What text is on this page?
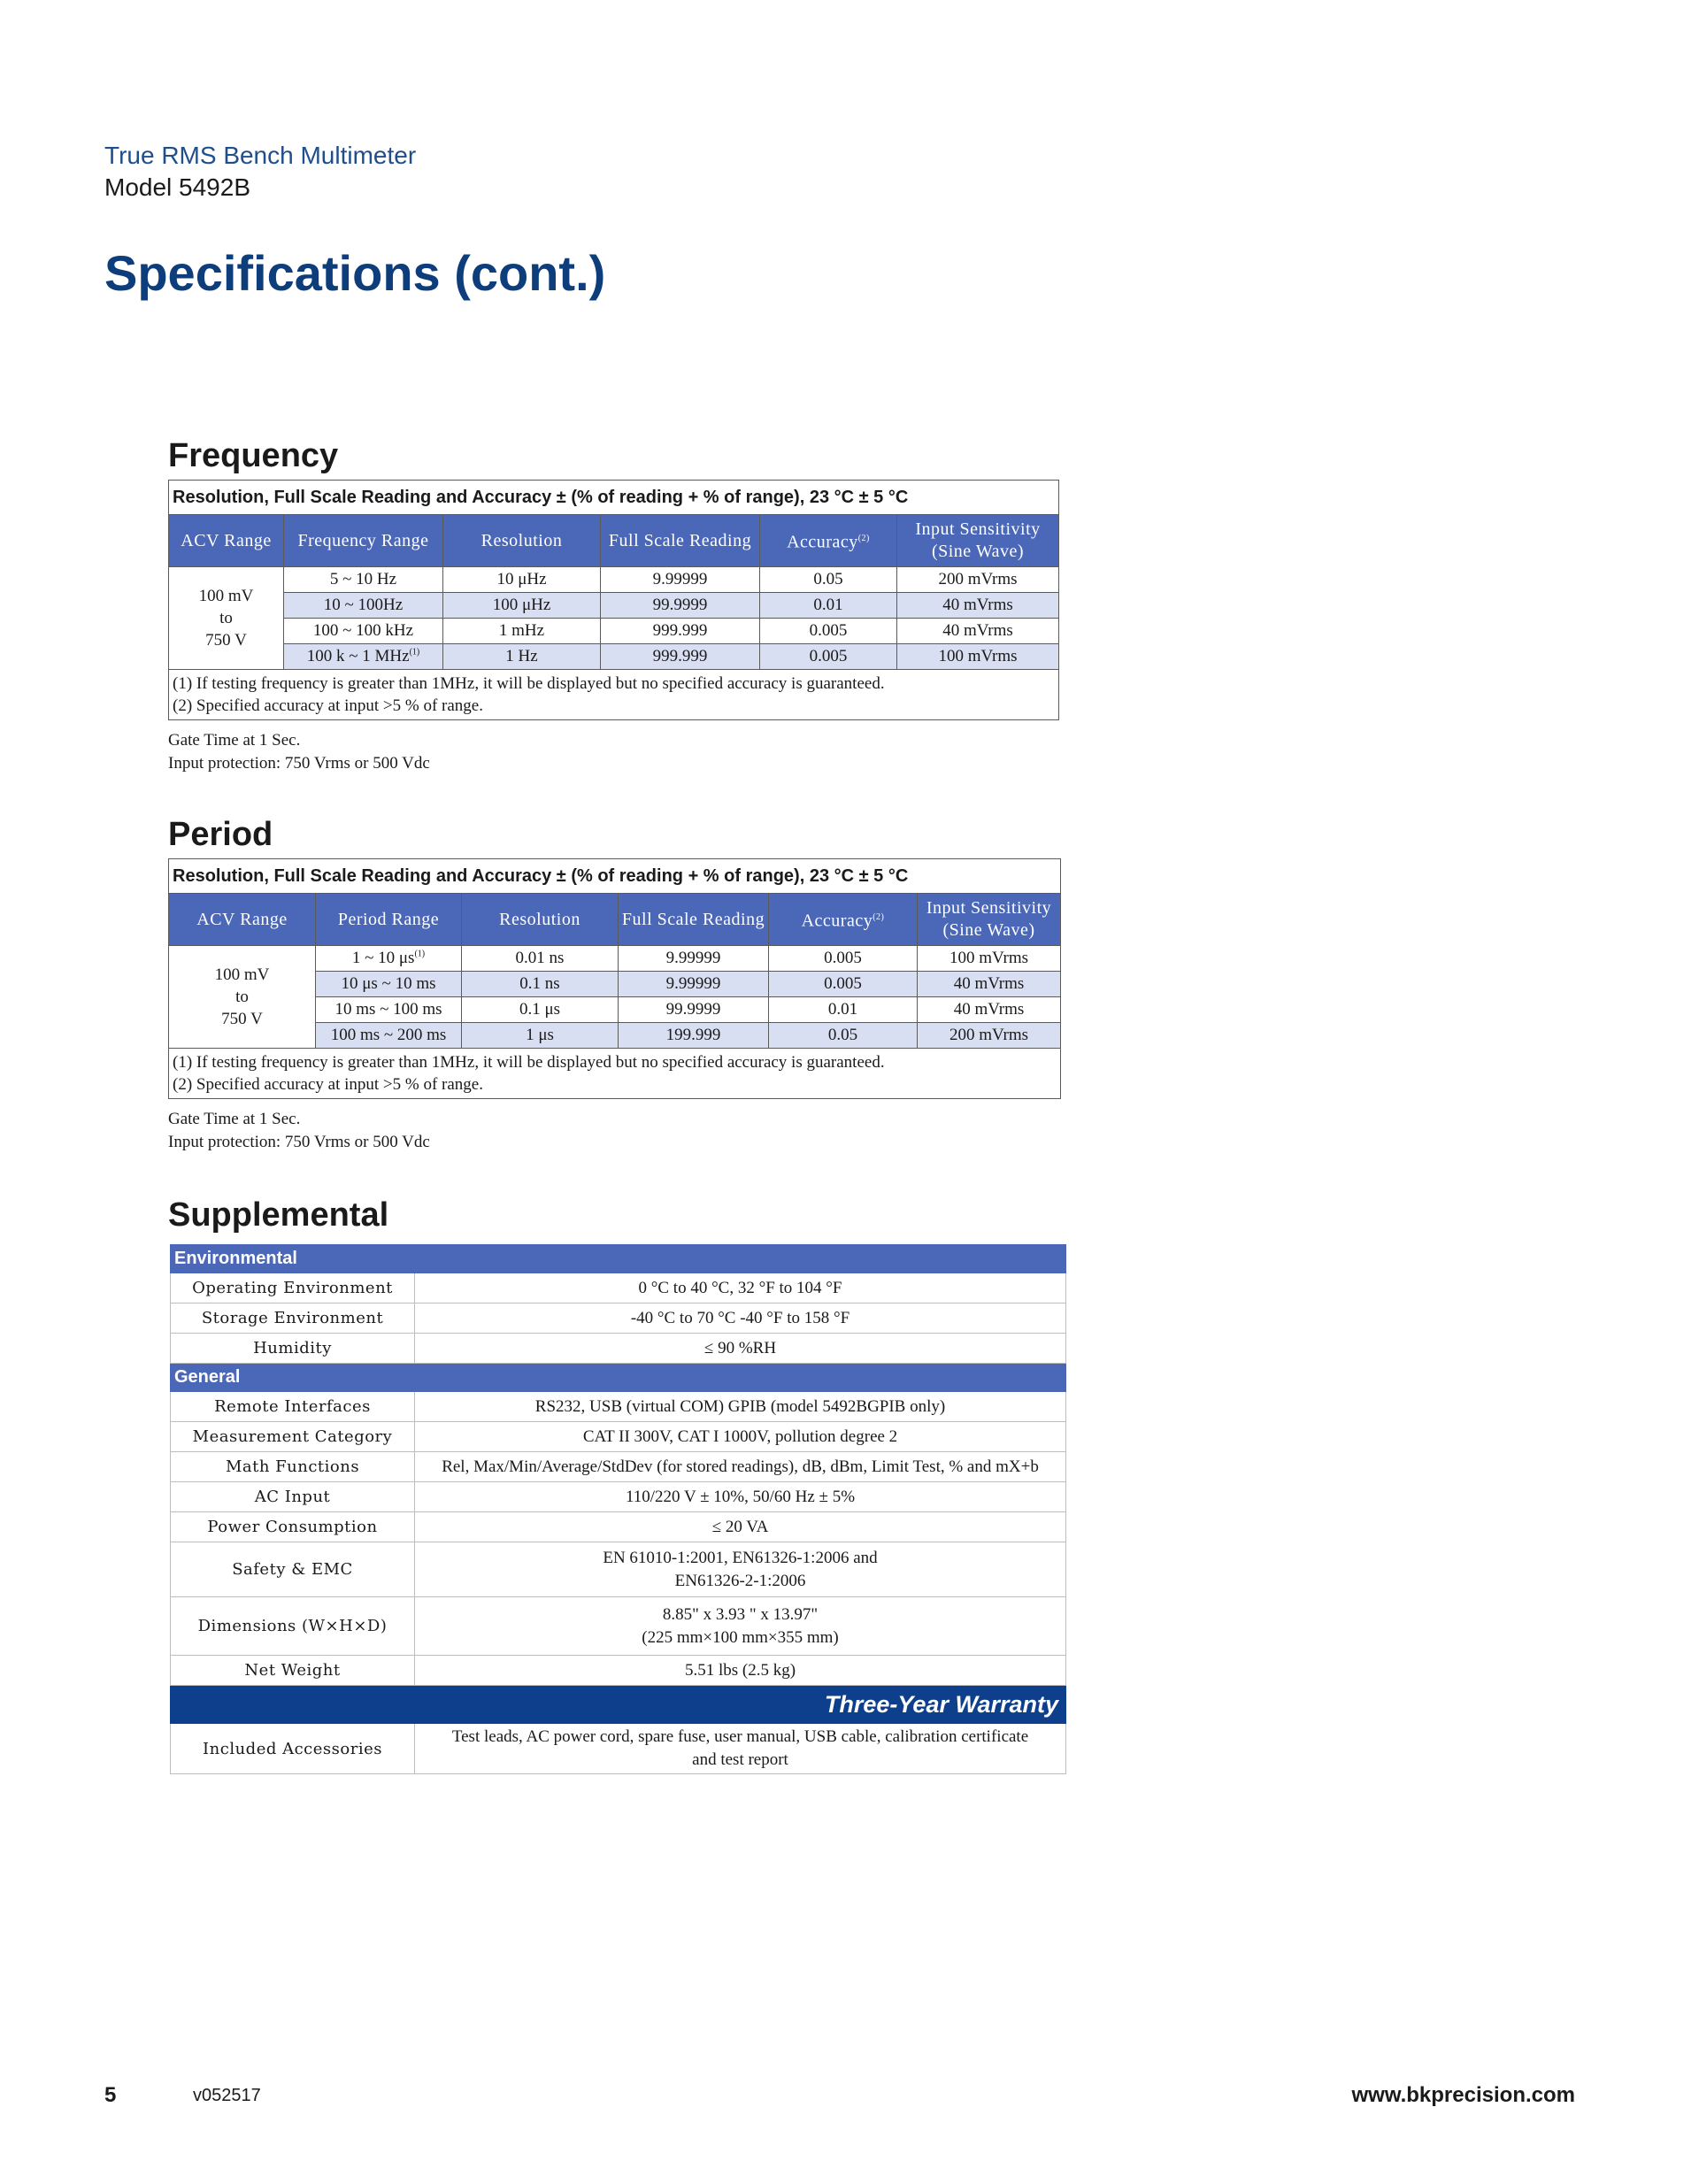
True RMS Bench Multimeter
Model 5492B
Specifications (cont.)
Frequency
Resolution, Full Scale Reading and Accuracy ± (% of reading + % of range), 23 °C ± 5 °C					
ACV Range	Frequency Range	Resolution	Full Scale Reading	Accuracy$^{(2)}$	Input Sensitivity (Sine Wave)

100 mV
to
750 V	5 ~ 10 Hz	10 μHz	9.99999	0.05	200 mVrms
	10 ~ 100Hz	100 μHz	99.9999	0.01	40 mVrms
	100 ~ 100 kHz	1 mHz	999.999	0.005	40 mVrms
	100 k ~ 1 MHz$^{(1)}$	1 Hz	999.999	0.005	100 mVrms

(1) If testing frequency is greater than 1MHz, it will be displayed but no specified accuracy is guaranteed.
(2) Specified accuracy at input >5 % of range.					
Gate Time at 1 Sec.
Input protection: 750 Vrms or 500 Vdc
Period
Resolution, Full Scale Reading and Accuracy ± (% of reading + % of range), 23 °C ± 5 °C					
ACV Range	Period Range	Resolution	Full Scale Reading	Accuracy$^{(2)}$	Input Sensitivity (Sine Wave)

100 mV
to
750 V	1 ~ 10 $\mu s^{(1)}$	0.01 ns	9.99999	0.005	100 mVrms
	10 μs ~ 10 ms	0.1 ns	9.99999	0.005	40 mVrms
	10 ms ~ 100 ms	0.1 μs	99.9999	0.01	40 mVrms
	100 ms ~ 200 ms	1 μs	199.999	0.05	200 mVrms

(1) If testing frequency is greater than 1MHz, it will be displayed but no specified accuracy is guaranteed.
(2) Specified accuracy at input >5 % of range.					
Gate Time at 1 Sec.
Input protection: 750 Vrms or 500 Vdc
Supplemental
Environmental	
Operating Environment	0 °C to 40 °C, 32 °F to 104 °F
Storage Environment	-40 °C to 70 °C -40 °F to 158 °F
Humidity	≤ 90 %RH
General	
Remote Interfaces	RS232, USB (virtual COM) GPIB (model 5492BGPIB only)
Measurement Category	CAT II 300V, CAT I 1000V, pollution degree 2
Math Functions	Rel, Max/Min/Average/StdDev (for stored readings), dB, dBm, Limit Test, % and mX+b
AC Input	110/220 V ± 10%, 50/60 Hz ± 5%
Power Consumption	≤ 20 VA
Safety & EMC	EN 61010-1:2001, EN61326-1:2006 and
EN61326-2-1:2006

Dimensions (W×H×D)	8.85" x 3.93 " x 13.97"
(225 mm×100 mm×355 mm)

Net Weight	5.51 lbs (2.5 kg)
Three-Year Warranty	
Included Accessories	Test leads, AC power cord, spare fuse, user manual, USB cable, calibration certificate
and test report
5	v052517	www.bkprecision.com
